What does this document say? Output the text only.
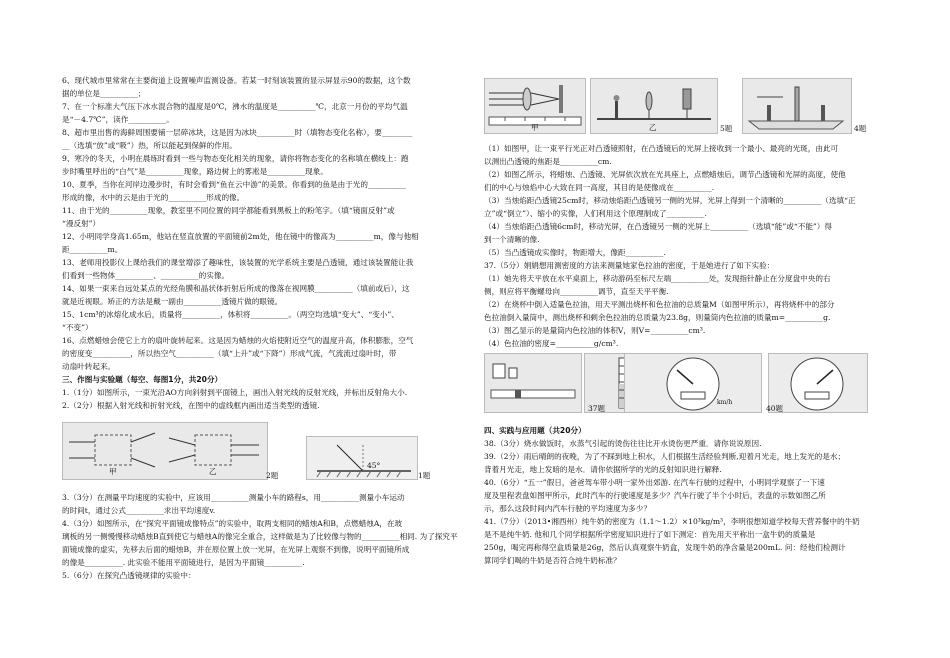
6、现代城市里常常在主要街道上设置噪声监测设备。若某一时刻该装置的显示屏显示90的数据，这个数

据的单位是__________；

7、在一个标准大气压下冰水混合物的温度是0℃，沸水的温度是__________℃，北京一月份的平均气温

是“－4.7℃”，读作__________。

8、超市里出售的海鲜周围要铺一层碎冰块，这是因为冰块__________时（填物态变化名称），要________

__（选填“放”或“吸”）热，所以能起到保鲜的作用。

9、寒冷的冬天，小明在晨练时看到一些与物态变化相关的现象，请你将物态变化的名称填在横线上：跑

步时嘴里呼出的“白气”是__________现象，路边树上的雾凇是__________现象。

10、夏季，当你在河岸边漫步时，有时会看到“鱼在云中游”的美景。你看到的鱼是由于光的__________

形成的像，水中的云是由于光的__________形成的像。

11、由于光的__________现象，教室里不同位置的同学都能看到黑板上的粉笔字。（填“镜面反射”或

“漫反射”）

12、小明同学身高1.65m，他站在竖直放置的平面镜前2m处，他在镜中的像高为__________m，像与他相

距__________m。

13、老师用投影仪上课给我们的课堂增添了趣味性，该装置的光学系统主要是凸透镜，通过该装置能让我

们看到一些物体__________、__________的实像。

14、如果一束来自远处某点的光经角膜和晶状体折射后所成的像落在视网膜__________（填前或后），这

就是近视眼。矫正的方法是戴一副由__________透镜片做的眼镜。

15、1cm³的冰熔化成水后，质量将__________，体积将__________。（两空均选填“变大”、“变小”、

“不变”）

16、点燃蜡烛会使它上方的扇叶旋转起来。这是因为蜡烛的火焰使附近空气的温度升高，体积膨胀，空气

的密度变__________，所以热空气__________（填“上升”或“下降”）形成气流，气流流过扇叶时，带

动扇叶转起来。

三、作图与实验题（每空、每图1分，共20分）

1.（1分）如图所示，一束光沿AO方向斜射到平面镜上，画出入射光线的反射光线，并标出反射角大小.

2.（2分）根据入射光线和折射光线，在图中的虚线框内画出适当类型的透镜.

甲	乙	2题
45°
1题

3.（3分）在测量平均速度的实验中，应该用__________测量小车的路程s，用__________测量小车运动

的时间t，通过公式__________求出平均速度v.

4.（3分）如图所示，在“探究平面镜成像特点”的实验中，取两支相同的蜡烛A和B，点燃蜡烛A，在玻

璃板的另一侧慢慢移动蜡烛B直到使它与蜡烛A的像完全重合，这样做是为了比较像与物的__________相同. 为了探究平

面镜成像的虚实，先移去后面的蜡烛B，并在原位置上放一光屏，在光屏上观察不到像，说明平面镜所成

的像是__________. 此实验不能用平面镜进行，是因为平面镜__________.

5.（6分）在探究凸透镜规律的实验中：

甲	乙	5题	4题

（1）如图甲，让一束平行光正对凸透镜照射，在凸透镜后的光屏上接收到一个最小、最亮的光斑，由此可

以测出凸透镜的焦距是__________cm.

（2）如图乙所示，将蜡烛、凸透镜、光屏依次放在光具座上，点燃蜡烛后，调节凸透镜和光屏的高度，使他

们的中心与烛焰中心大致在同一高度，其目的是使像成在__________.

（3）当烛焰距凸透镜25cm时，移动烛焰距凸透镜另一侧的光屏，光屏上得到一个清晰的__________（选填“正

立”或“倒立”）、缩小的实像，人们利用这个原理制成了__________.

（4）当烛焰距凸透镜6cm时，移动光屏，在凸透镜另一侧的光屏上__________（选填“能”或“不能”）得

到一个清晰的像.

（5）当凸透镜成实像时，物距增大，像距__________.

37.（5分）娟娟想用测密度的方法来测量她家色拉油的密度，于是她进行了如下实验：

（1）她先将天平放在水平桌面上，移动游码至标尺左端__________处，发现指针静止在分度盘中央的右

侧，则应将平衡螺母向__________调节，直至天平平衡.

（2）在烧杯中倒入适量色拉油，用天平测出烧杯和色拉油的总质量M（如图甲所示），再将烧杯中的部分

色拉油倒入量筒中，测出烧杯和剩余色拉油的总质量为23.8g，则量筒内色拉油的质量m=__________g.

（3）图乙显示的是量筒内色拉油的体积V，则V=__________cm³.

（4）色拉油的密度=__________g/cm³.

37题
km/h
40题

四、实践与应用题（共20分）

38.（3分）烧水做饭时，水蒸气引起的烫伤往往比开水烫伤更严重．请你说说原因.

39.（2分）雨后晴朗的夜晚，为了不踩到地上积水，人们根据生活经验判断,迎着月光走，地上发光的是水；

背着月光走，地上发暗的是水．请你依据所学的光的反射知识进行解释.

40.（6分）“五一”假日，爸爸驾车带小明一家外出郊游. 在汽车行驶的过程中，小明同学观察了一下速

度及里程表盘如图甲所示，此时汽车的行驶速度是多少？汽车行驶了半个小时后，表盘的示数如图乙所

示，那么这段时间内汽车行驶的平均速度为多少？

41.（7分）（2013•湘西州）纯牛奶的密度为（1.1～1.2）×10³kg/m³，李明很想知道学校每天营养餐中的牛奶

是不是纯牛奶. 他和几个同学根据所学密度知识进行了如下测定：首先用天平称出一盒牛奶的质量是

250g，喝完再称得空盒质量是26g，然后认真观察牛奶盒，发现牛奶的净含量是200mL. 问：经他们检测计

算同学们喝的牛奶是否符合纯牛奶标准？
